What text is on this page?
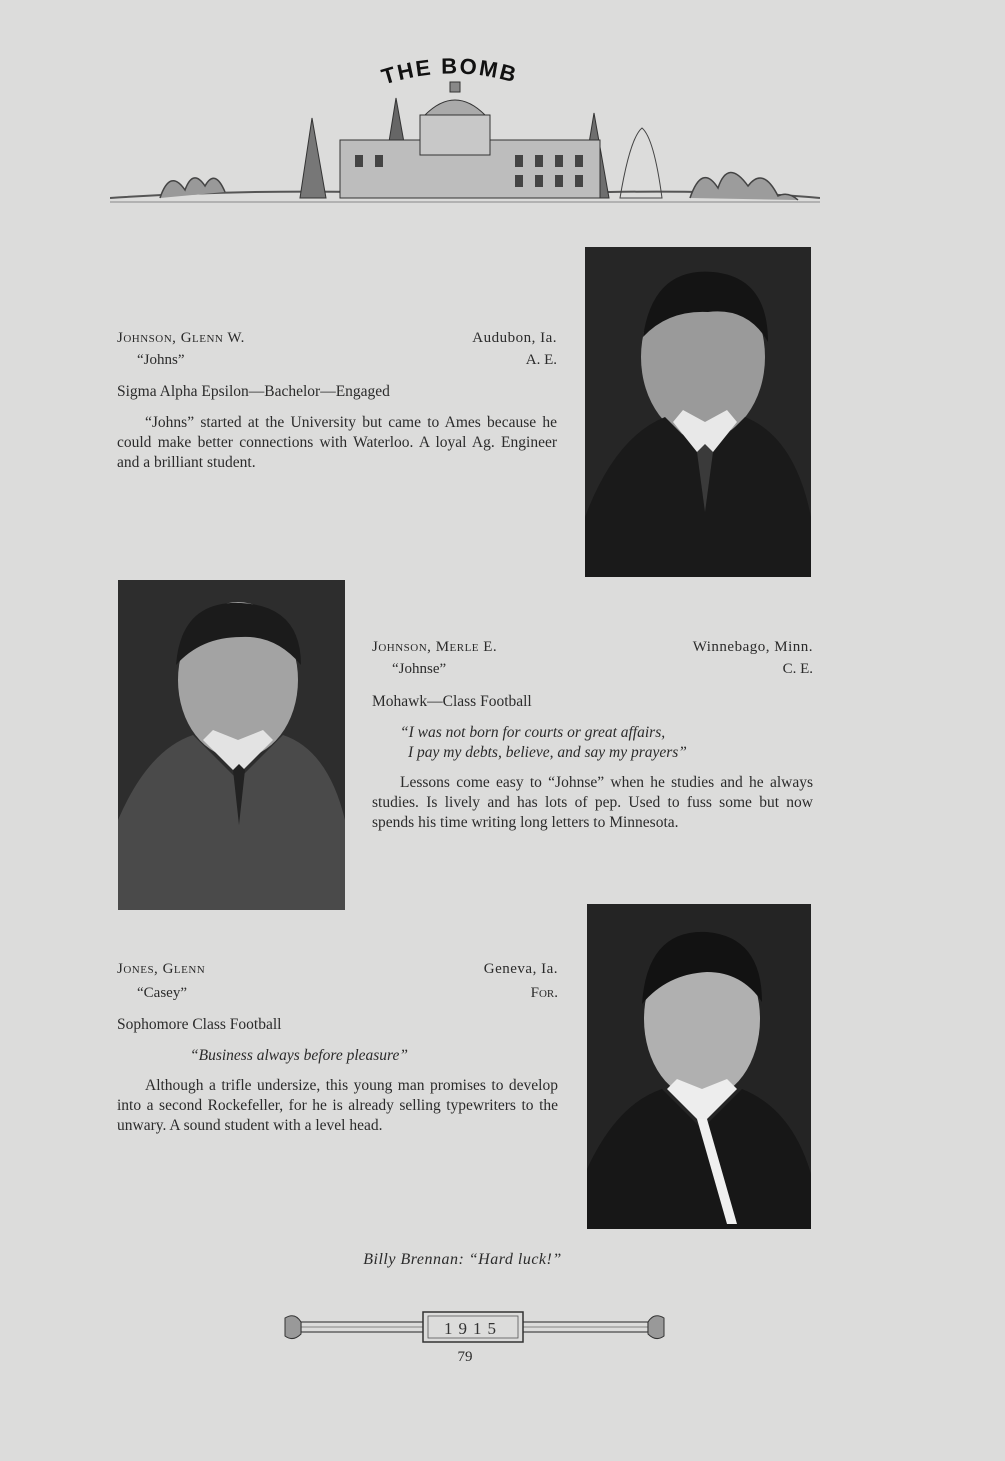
THE BOMB
Johnson, Glenn W.	Audubon, Ia.
“Johns”	A. E.
Sigma Alpha Epsilon—Bachelor—Engaged
“Johns” started at the University but came to Ames because he could make better connections with Waterloo. A loyal Ag. Engineer and a brilliant student.
Johnson, Merle E.	Winnebago, Minn.
“Johnse”	C. E.
Mohawk—Class Football
“I was not born for courts or great affairs,
I pay my debts, believe, and say my prayers”
Lessons come easy to “Johnse” when he studies and he always studies. Is lively and has lots of pep. Used to fuss some but now spends his time writing long letters to Minnesota.
Jones, Glenn	Geneva, Ia.
“Casey”	For.
Sophomore Class Football
“Business always before pleasure”
Although a trifle undersize, this young man promises to develop into a second Rockefeller, for he is already selling typewriters to the unwary. A sound student with a level head.
Billy Brennan: “Hard luck!”
1915
79
